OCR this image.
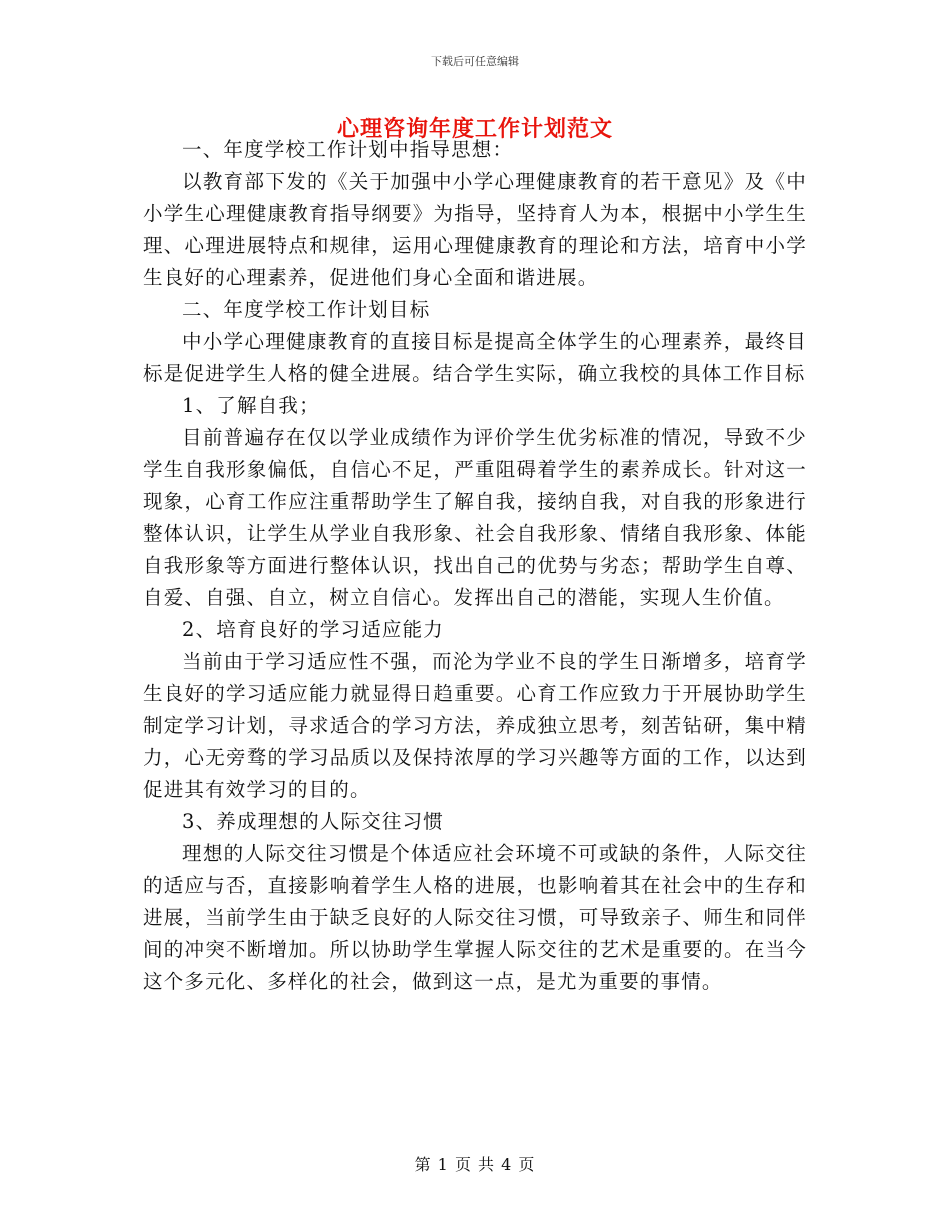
下载后可任意编辑
心理咨询年度工作计划范文

一、年度学校工作计划中指导思想：

以教育部下发的《关于加强中小学心理健康教育的若干意见》及《中小学生心理健康教育指导纲要》为指导，坚持育人为本，根据中小学生生理、心理进展特点和规律，运用心理健康教育的理论和方法，培育中小学生良好的心理素养，促进他们身心全面和谐进展。

二、年度学校工作计划目标

中小学心理健康教育的直接目标是提高全体学生的心理素养，最终目标是促进学生人格的健全进展。结合学生实际，确立我校的具体工作目标

1、了解自我；

目前普遍存在仅以学业成绩作为评价学生优劣标准的情况，导致不少学生自我形象偏低，自信心不足，严重阻碍着学生的素养成长。针对这一现象，心育工作应注重帮助学生了解自我，接纳自我，对自我的形象进行整体认识，让学生从学业自我形象、社会自我形象、情绪自我形象、体能自我形象等方面进行整体认识，找出自己的优势与劣态；帮助学生自尊、自爱、自强、自立，树立自信心。发挥出自己的潜能，实现人生价值。

2、培育良好的学习适应能力

当前由于学习适应性不强，而沦为学业不良的学生日渐增多，培育学生良好的学习适应能力就显得日趋重要。心育工作应致力于开展协助学生制定学习计划，寻求适合的学习方法，养成独立思考，刻苦钻研，集中精力，心无旁骛的学习品质以及保持浓厚的学习兴趣等方面的工作，以达到促进其有效学习的目的。

3、养成理想的人际交往习惯

理想的人际交往习惯是个体适应社会环境不可或缺的条件，人际交往的适应与否，直接影响着学生人格的进展，也影响着其在社会中的生存和进展，当前学生由于缺乏良好的人际交往习惯，可导致亲子、师生和同伴间的冲突不断增加。所以协助学生掌握人际交往的艺术是重要的。在当今这个多元化、多样化的社会，做到这一点，是尤为重要的事情。

第 1 页 共 4 页
